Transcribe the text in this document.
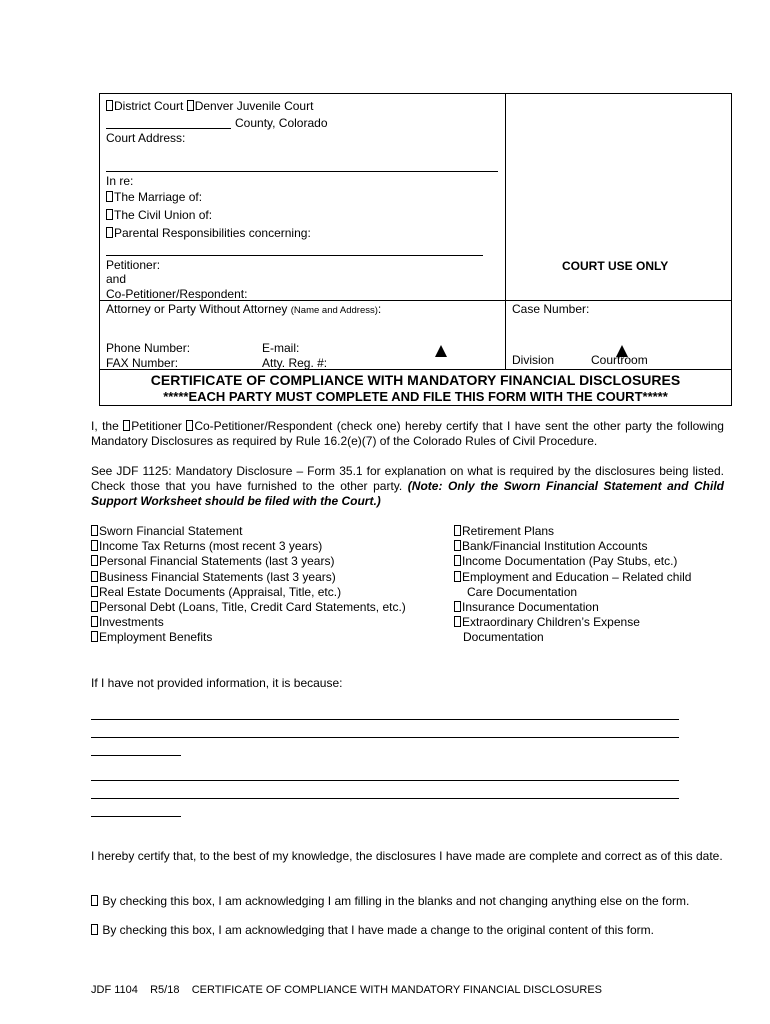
District Court Denver Juvenile Court
County, Colorado
Court Address:
In re:
The Marriage of:
The Civil Union of:
Parental Responsibilities concerning:
Petitioner:
and
Co-Petitioner/Respondent:
COURT USE ONLY
Attorney or Party Without Attorney (Name and Address):
Phone Number:	E-mail:
FAX Number:	Atty. Reg. #:
Case Number:
Division	Courtroom
CERTIFICATE OF COMPLIANCE WITH MANDATORY FINANCIAL DISCLOSURES
*****EACH PARTY MUST COMPLETE AND FILE THIS FORM WITH THE COURT*****
I, the Petitioner Co-Petitioner/Respondent (check one) hereby certify that I have sent the other party the following Mandatory Disclosures as required by Rule 16.2(e)(7) of the Colorado Rules of Civil Procedure.
See JDF 1125: Mandatory Disclosure – Form 35.1 for explanation on what is required by the disclosures being listed. Check those that you have furnished to the other party. (Note: Only the Sworn Financial Statement and Child Support Worksheet should be filed with the Court.)
Sworn Financial Statement
Income Tax Returns (most recent 3 years)
Personal Financial Statements (last 3 years)
Business Financial Statements (last 3 years)
Real Estate Documents (Appraisal, Title, etc.)
Personal Debt (Loans, Title, Credit Card Statements, etc.)
Investments
Employment Benefits
Retirement Plans
Bank/Financial Institution Accounts
Income Documentation (Pay Stubs, etc.)
Employment and Education – Related child
Care Documentation
Insurance Documentation
Extraordinary Children’s Expense
Documentation
If I have not provided information, it is because:
I hereby certify that, to the best of my knowledge, the disclosures I have made are complete and correct as of this date.
By checking this box, I am acknowledging I am filling in the blanks and not changing anything else on the form.
By checking this box, I am acknowledging that I have made a change to the original content of this form.
JDF 1104 R5/18 CERTIFICATE OF COMPLIANCE WITH MANDATORY FINANCIAL DISCLOSURES
